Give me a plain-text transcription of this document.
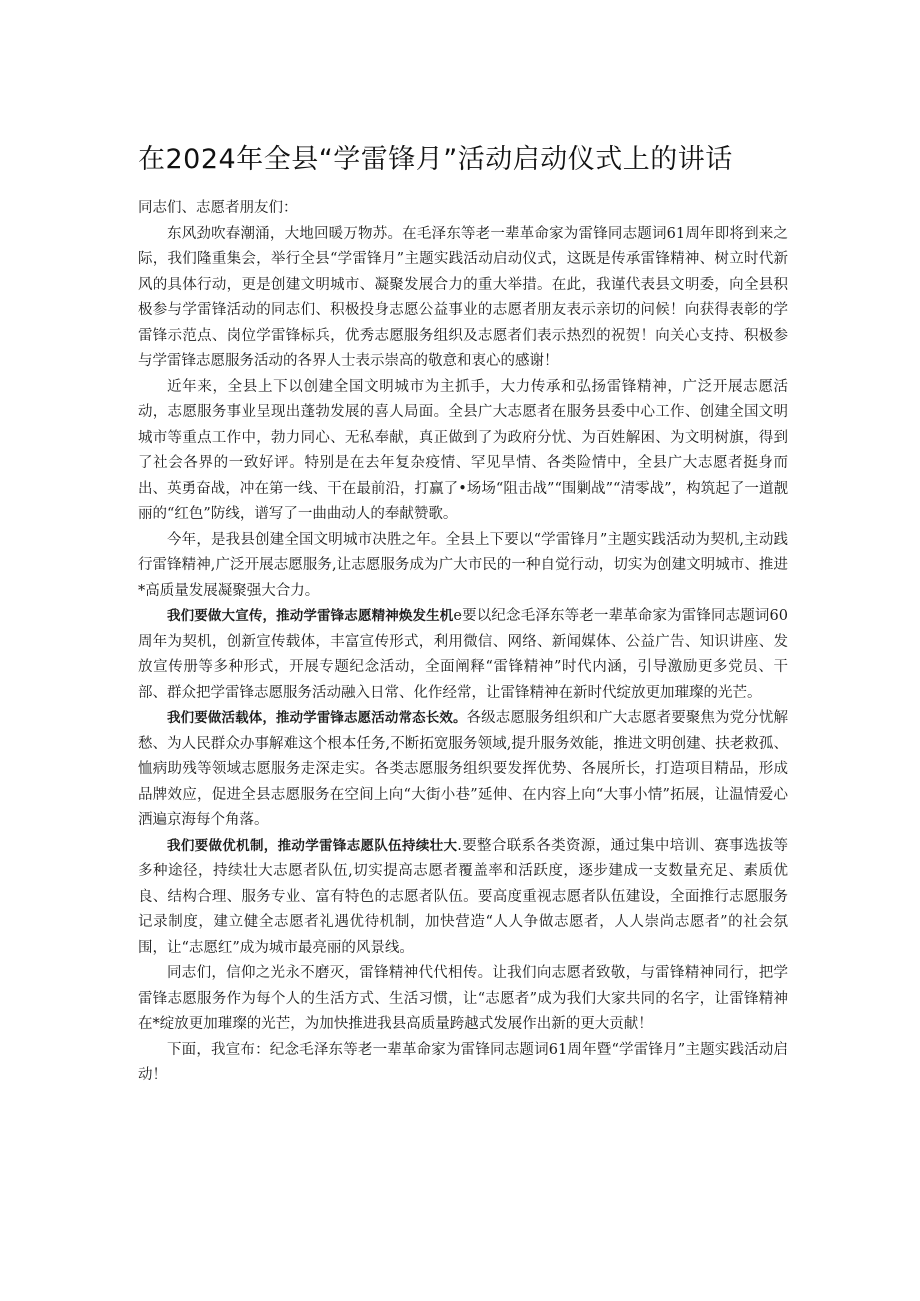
在2024年全县“学雷锋月”活动启动仪式上的讲话

同志们、志愿者朋友们：

东风劲吹春潮涌，大地回暖万物苏。在毛泽东等老一辈革命家为雷锋同志题词61周年即将到来之际，我们隆重集会，举行全县“学雷锋月”主题实践活动启动仪式，这既是传承雷锋精神、树立时代新风的具体行动，更是创建文明城市、凝聚发展合力的重大举措。在此，我谨代表县文明委，向全县积极参与学雷锋活动的同志们、积极投身志愿公益事业的志愿者朋友表示亲切的问候！向获得表彰的学雷锋示范点、岗位学雷锋标兵，优秀志愿服务组织及志愿者们表示热烈的祝贺！向关心支持、积极参与学雷锋志愿服务活动的各界人士表示崇高的敬意和衷心的感谢！

近年来，全县上下以创建全国文明城市为主抓手，大力传承和弘扬雷锋精神，广泛开展志愿活动，志愿服务事业呈现出蓬勃发展的喜人局面。全县广大志愿者在服务县委中心工作、创建全国文明城市等重点工作中，勃力同心、无私奉献，真正做到了为政府分忧、为百姓解困、为文明树旗，得到了社会各界的一致好评。特别是在去年复杂疫情、罕见旱情、各类险情中，全县广大志愿者挺身而出、英勇奋战，冲在第一线、干在最前沿，打赢了•场场“阻击战”“围剿战”“清零战”，构筑起了一道靓丽的“红色”防线，谱写了一曲曲动人的奉献赞歌。

今年，是我县创建全国文明城市决胜之年。全县上下要以“学雷锋月”主题实践活动为契机,主动践行雷锋精神,广泛开展志愿服务,让志愿服务成为广大市民的一种自觉行动，切实为创建文明城市、推进*高质量发展凝聚强大合力。

我们要做大宣传，推动学雷锋志愿精神焕发生机e要以纪念毛泽东等老一辈革命家为雷锋同志题词60周年为契机，创新宣传载体，丰富宣传形式，利用微信、网络、新闻媒体、公益广告、知识讲座、发放宣传册等多种形式，开展专题纪念活动，全面阐释“雷锋精神”时代内涵，引导激励更多党员、干部、群众把学雷锋志愿服务活动融入日常、化作经常，让雷锋精神在新时代绽放更加璀璨的光芒。

我们要做活载体，推动学雷锋志愿活动常态长效。各级志愿服务组织和广大志愿者要聚焦为党分忧解愁、为人民群众办事解难这个根本任务,不断拓宽服务领域,提升服务效能，推进文明创建、扶老救孤、恤病助残等领域志愿服务走深走实。各类志愿服务组织要发挥优势、各展所长，打造项目精品，形成品牌效应，促进全县志愿服务在空间上向“大街小巷”延伸、在内容上向“大事小情”拓展，让温情爱心洒遍京海每个角落。

我们要做优机制，推动学雷锋志愿队伍持续壮大.要整合联系各类资源，通过集中培训、赛事选拔等多种途径，持续壮大志愿者队伍,切实提高志愿者覆盖率和活跃度，逐步建成一支数量充足、素质优良、结构合理、服务专业、富有特色的志愿者队伍。要高度重视志愿者队伍建设，全面推行志愿服务记录制度，建立健全志愿者礼遇优待机制，加快营造“人人争做志愿者，人人崇尚志愿者”的社会氛围，让“志愿红”成为城市最亮丽的风景线。

同志们，信仰之光永不磨灭，雷锋精神代代相传。让我们向志愿者致敬，与雷锋精神同行，把学雷锋志愿服务作为每个人的生活方式、生活习惯，让“志愿者”成为我们大家共同的名字，让雷锋精神在*绽放更加璀璨的光芒，为加快推进我县高质量跨越式发展作出新的更大贡献！

下面，我宣布：纪念毛泽东等老一辈革命家为雷锋同志题词61周年暨“学雷锋月”主题实践活动启动！
